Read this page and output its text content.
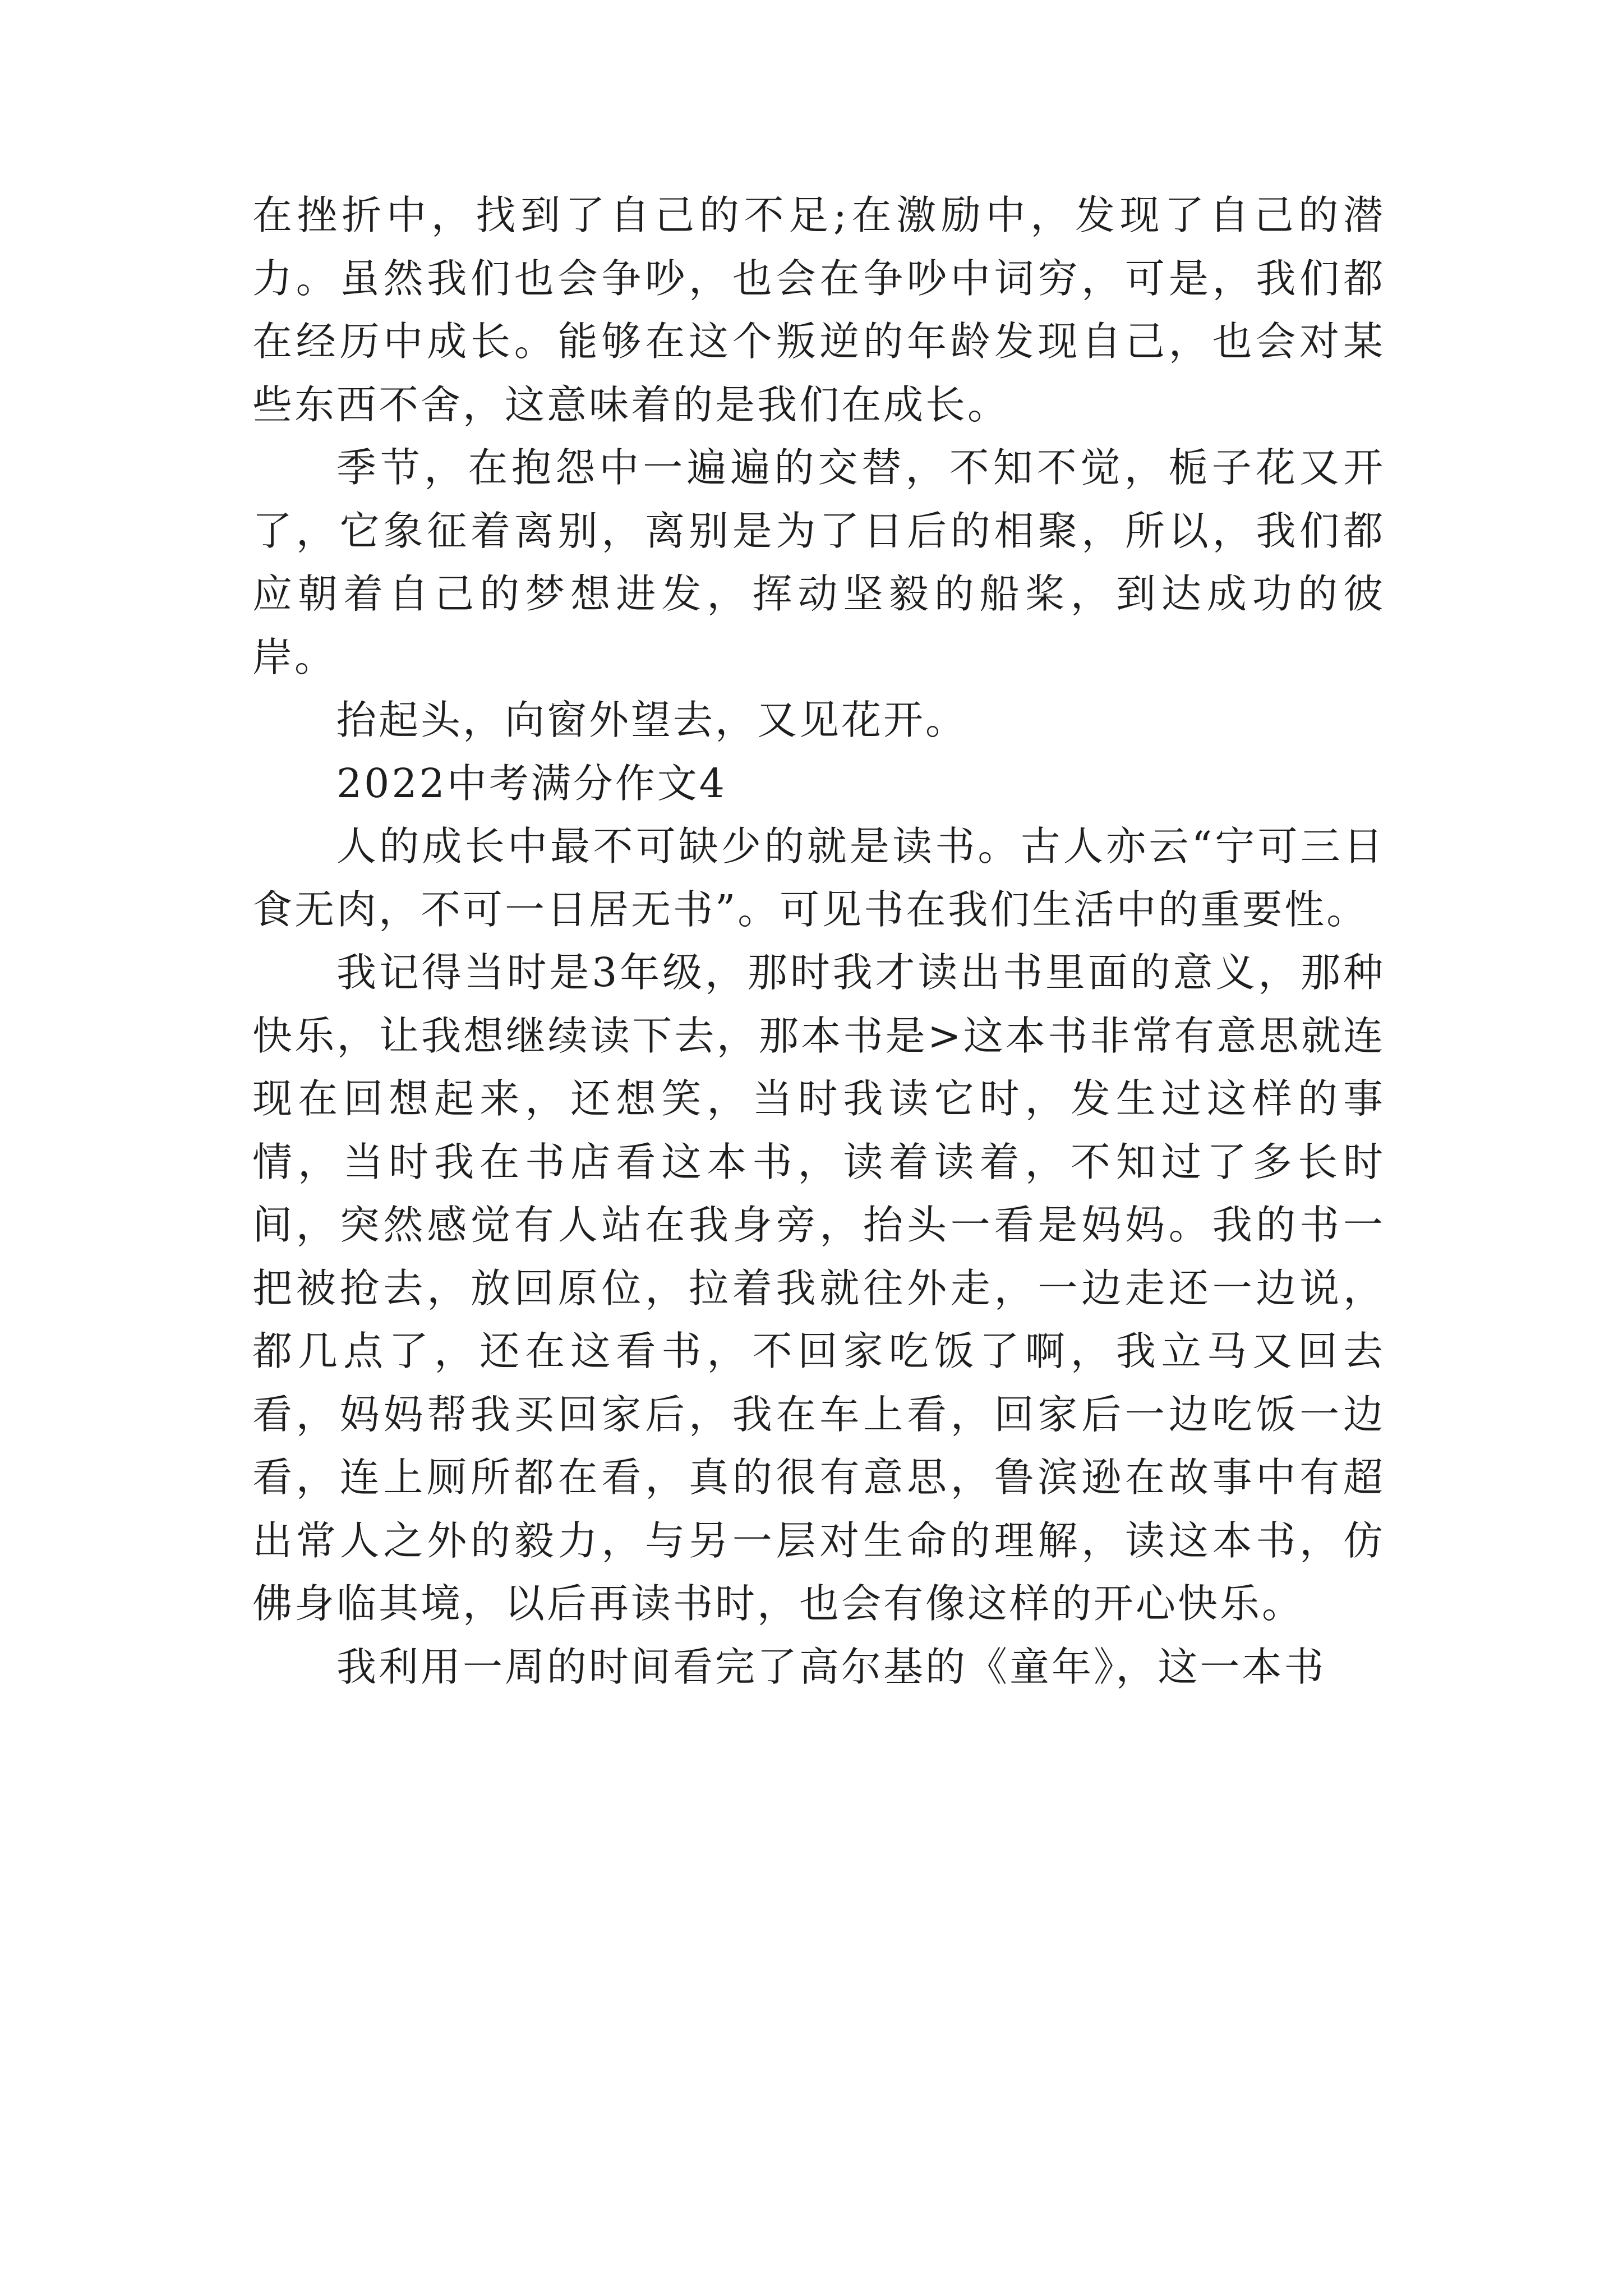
在挫折中，找到了自己的不足;在激励中，发现了自己的潜力。虽然我们也会争吵，也会在争吵中词穷，可是，我们都在经历中成长。能够在这个叛逆的年龄发现自己，也会对某些东西不舍，这意味着的是我们在成长。

季节，在抱怨中一遍遍的交替，不知不觉，栀子花又开了，它象征着离别，离别是为了日后的相聚，所以，我们都应朝着自己的梦想进发，挥动坚毅的船桨，到达成功的彼岸。

抬起头，向窗外望去，又见花开。

2022中考满分作文4

人的成长中最不可缺少的就是读书。古人亦云“宁可三日食无肉，不可一日居无书”。可见书在我们生活中的重要性。

我记得当时是3年级，那时我才读出书里面的意义，那种快乐，让我想继续读下去，那本书是>这本书非常有意思就连现在回想起来，还想笑，当时我读它时，发生过这样的事情，当时我在书店看这本书，读着读着，不知过了多长时间，突然感觉有人站在我身旁，抬头一看是妈妈。我的书一把被抢去，放回原位，拉着我就往外走，一边走还一边说，都几点了，还在这看书，不回家吃饭了啊，我立马又回去看，妈妈帮我买回家后，我在车上看，回家后一边吃饭一边看，连上厕所都在看，真的很有意思，鲁滨逊在故事中有超出常人之外的毅力，与另一层对生命的理解，读这本书，仿佛身临其境，以后再读书时，也会有像这样的开心快乐。

我利用一周的时间看完了高尔基的《童年》，这一本书
